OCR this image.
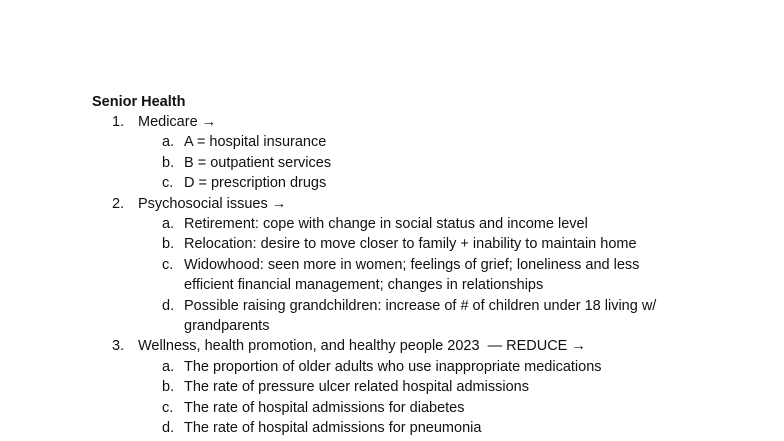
Senior Health
1. Medicare →
a. A = hospital insurance
b. B = outpatient services
c. D = prescription drugs
2. Psychosocial issues →
a. Retirement: cope with change in social status and income level
b. Relocation: desire to move closer to family + inability to maintain home
c. Widowhood: seen more in women; feelings of grief; loneliness and less efficient financial management; changes in relationships
d. Possible raising grandchildren: increase of # of children under 18 living w/ grandparents
3. Wellness, health promotion, and healthy people 2023  — REDUCE →
a. The proportion of older adults who use inappropriate medications
b. The rate of pressure ulcer related hospital admissions
c. The rate of hospital admissions for diabetes
d. The rate of hospital admissions for pneumonia
